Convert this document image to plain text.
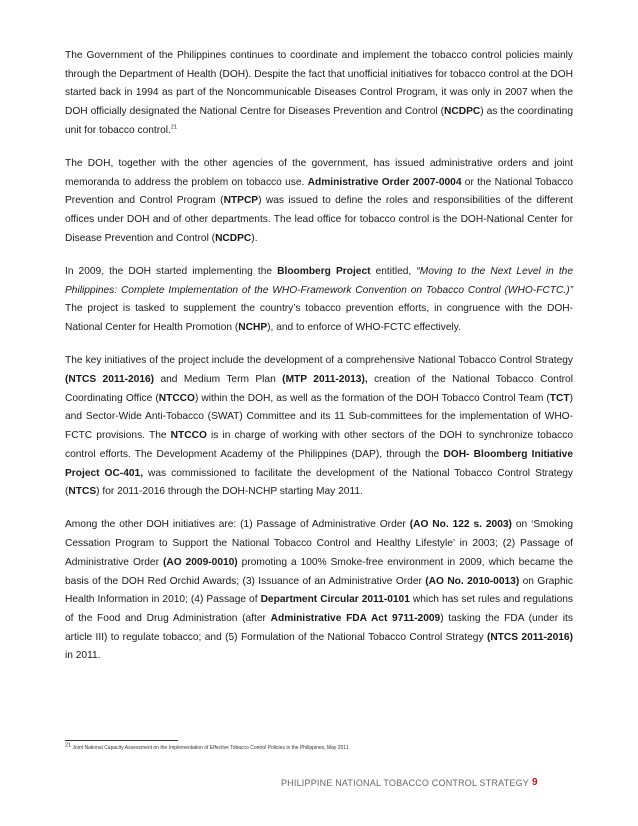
The Government of the Philippines continues to coordinate and implement the tobacco control policies mainly through the Department of Health (DOH). Despite the fact that unofficial initiatives for tobacco control at the DOH started back in 1994 as part of the Noncommunicable Diseases Control Program, it was only in 2007 when the DOH officially designated the National Centre for Diseases Prevention and Control (NCDPC) as the coordinating unit for tobacco control.$^{21}$

The DOH, together with the other agencies of the government, has issued administrative orders and joint memoranda to address the problem on tobacco use. Administrative Order 2007-0004 or the National Tobacco Prevention and Control Program (NTPCP) was issued to define the roles and responsibilities of the different offices under DOH and of other departments. The lead office for tobacco control is the DOH-National Center for Disease Prevention and Control (NCDPC).

In 2009, the DOH started implementing the Bloomberg Project entitled, “Moving to the Next Level in the Philippines: Complete Implementation of the WHO-Framework Convention on Tobacco Control (WHO-FCTC.)” The project is tasked to supplement the country’s tobacco prevention efforts, in congruence with the DOH-National Center for Health Promotion (NCHP), and to enforce of WHO-FCTC effectively.

The key initiatives of the project include the development of a comprehensive National Tobacco Control Strategy (NTCS 2011-2016) and Medium Term Plan (MTP 2011-2013), creation of the National Tobacco Control Coordinating Office (NTCCO) within the DOH, as well as the formation of the DOH Tobacco Control Team (TCT) and Sector-Wide Anti-Tobacco (SWAT) Committee and its 11 Sub-committees for the implementation of WHO-FCTC provisions. The NTCCO is in charge of working with other sectors of the DOH to synchronize tobacco control efforts. The Development Academy of the Philippines (DAP), through the DOH- Bloomberg Initiative Project OC-401, was commissioned to facilitate the development of the National Tobacco Control Strategy (NTCS) for 2011-2016 through the DOH-NCHP starting May 2011.

Among the other DOH initiatives are: (1) Passage of Administrative Order (AO No. 122 s. 2003) on ‘Smoking Cessation Program to Support the National Tobacco Control and Healthy Lifestyle’ in 2003; (2) Passage of Administrative Order (AO 2009-0010) promoting a 100% Smoke-free environment in 2009, which became the basis of the DOH Red Orchid Awards; (3) Issuance of an Administrative Order (AO No. 2010-0013) on Graphic Health Information in 2010; (4) Passage of Department Circular 2011-0101 which has set rules and regulations of the Food and Drug Administration (after Administrative FDA Act 9711-2009) tasking the FDA (under its article III) to regulate tobacco; and (5) Formulation of the National Tobacco Control Strategy (NTCS 2011-2016) in 2011.

$^{21}$ Joint National Capacity Assessment on the Implementation of Effective Tobacco Control Policies in the Philippines, May 2011
PHILIPPINE NATIONAL TOBACCO CONTROL STRATEGY 9
